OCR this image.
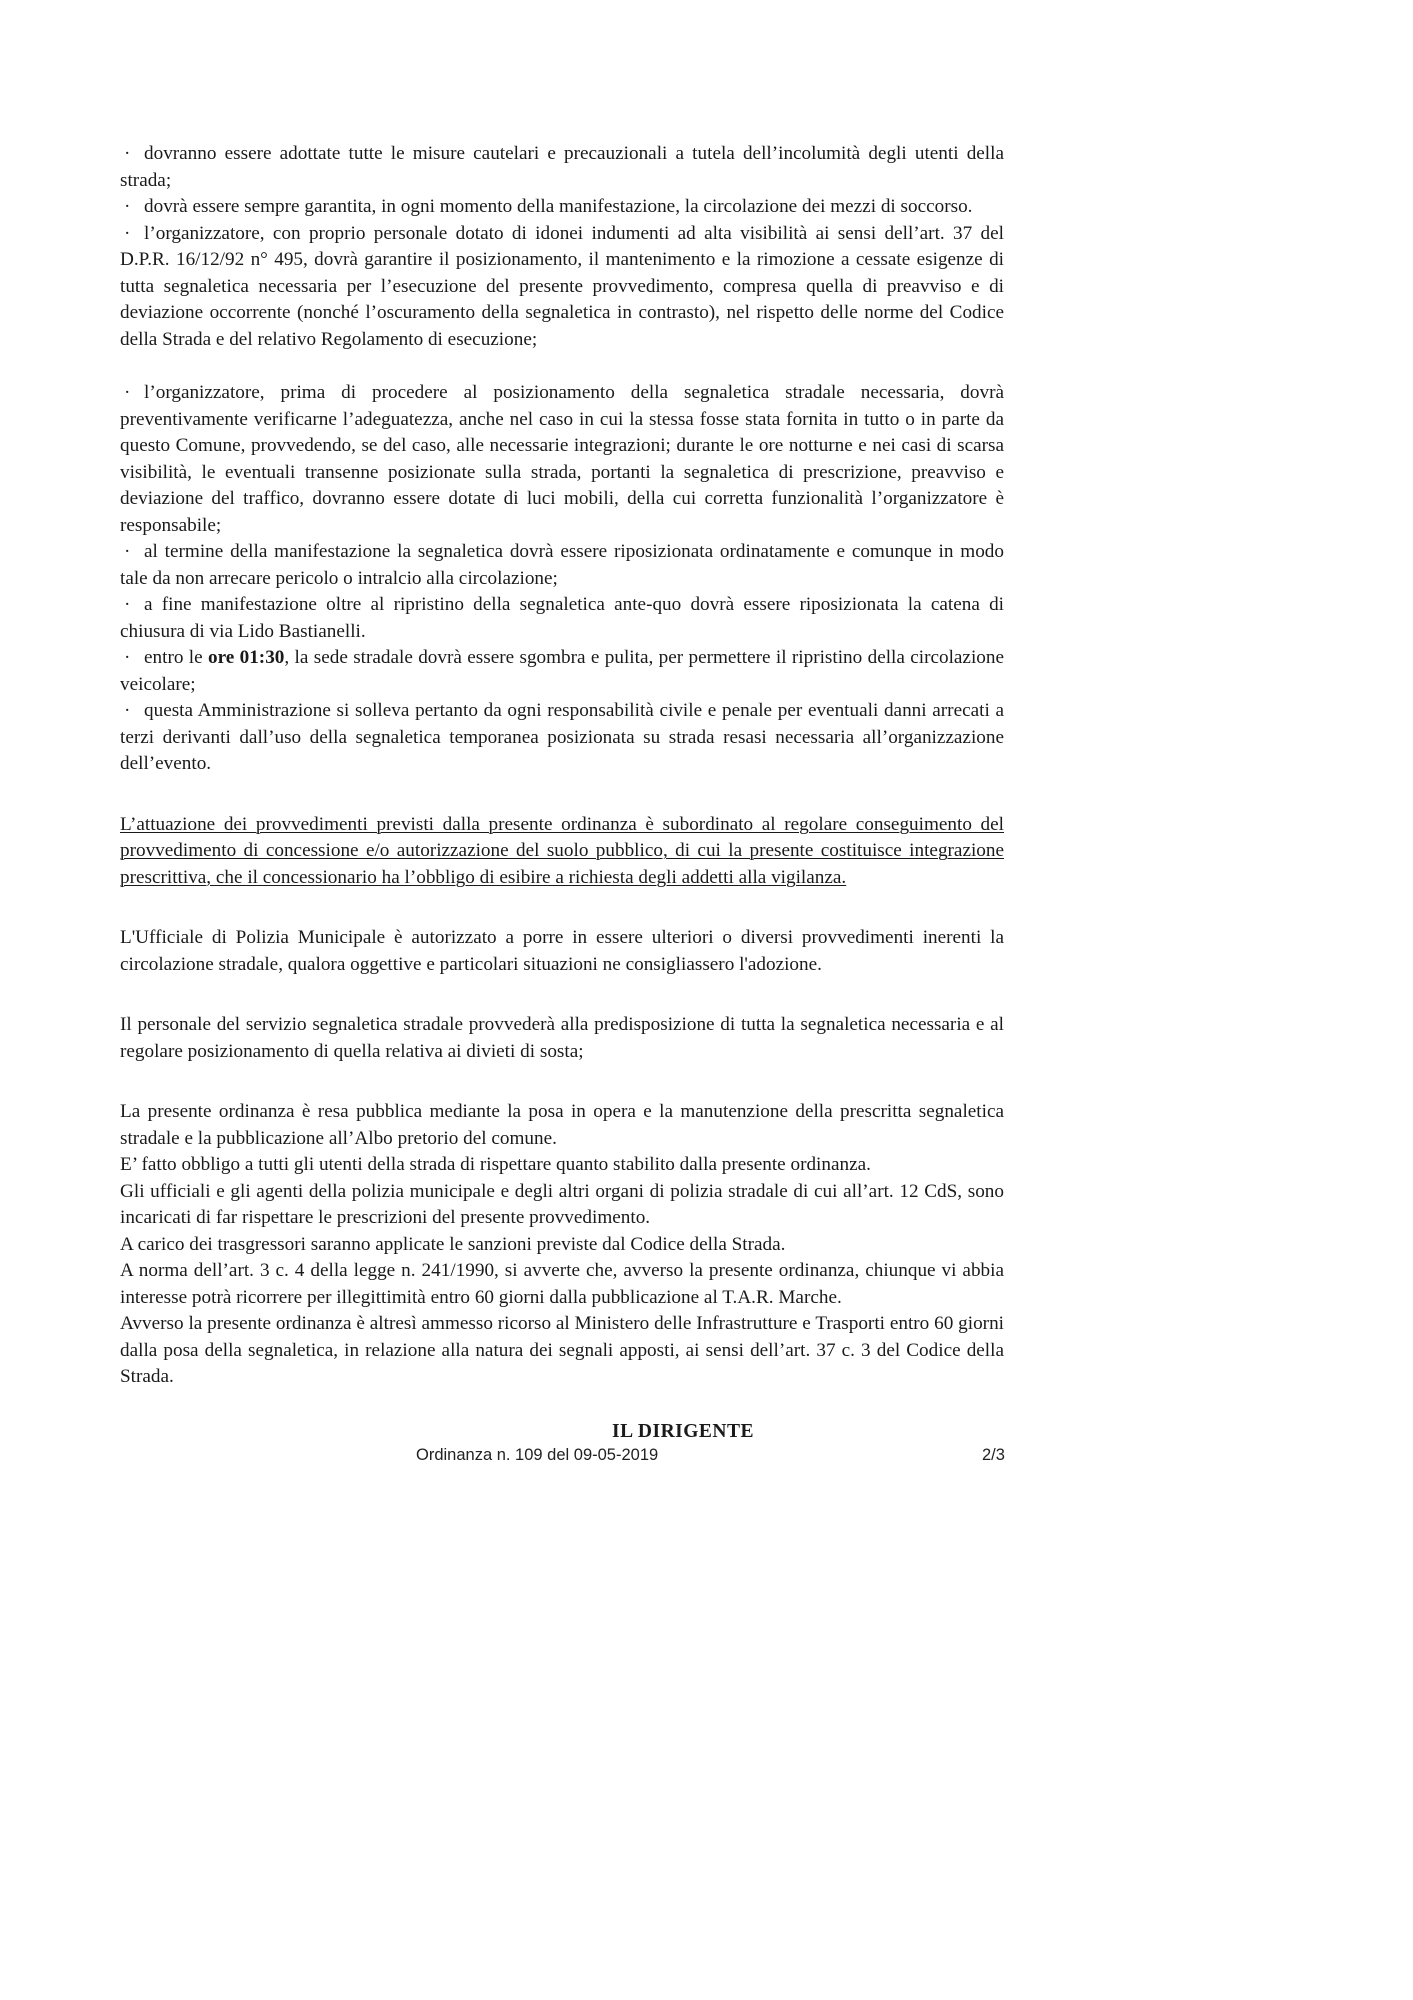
· dovranno essere adottate tutte le misure cautelari e precauzionali a tutela dell’incolumità degli utenti della strada;

· dovrà essere sempre garantita, in ogni momento della manifestazione, la circolazione dei mezzi di soccorso.

· l’organizzatore, con proprio personale dotato di idonei indumenti ad alta visibilità ai sensi dell’art. 37 del D.P.R. 16/12/92 n° 495, dovrà garantire il posizionamento, il mantenimento e la rimozione a cessate esigenze di tutta segnaletica necessaria per l’esecuzione del presente provvedimento, compresa quella di preavviso e di deviazione occorrente (nonché l’oscuramento della segnaletica in contrasto), nel rispetto delle norme del Codice della Strada e del relativo Regolamento di esecuzione;

· l’organizzatore, prima di procedere al posizionamento della segnaletica stradale necessaria, dovrà preventivamente verificarne l’adeguatezza, anche nel caso in cui la stessa fosse stata fornita in tutto o in parte da questo Comune, provvedendo, se del caso, alle necessarie integrazioni; durante le ore notturne e nei casi di scarsa visibilità, le eventuali transenne posizionate sulla strada, portanti la segnaletica di prescrizione, preavviso e deviazione del traffico, dovranno essere dotate di luci mobili, della cui corretta funzionalità l’organizzatore è responsabile;

· al termine della manifestazione la segnaletica dovrà essere riposizionata ordinatamente e comunque in modo tale da non arrecare pericolo o intralcio alla circolazione;

· a fine manifestazione oltre al ripristino della segnaletica ante-quo dovrà essere riposizionata la catena di chiusura di via Lido Bastianelli.

· entro le ore 01:30, la sede stradale dovrà essere sgombra e pulita, per permettere il ripristino della circolazione veicolare;

· questa Amministrazione si solleva pertanto da ogni responsabilità civile e penale per eventuali danni arrecati a terzi derivanti dall’uso della segnaletica temporanea posizionata su strada resasi necessaria all’organizzazione dell’evento.

L’attuazione dei provvedimenti previsti dalla presente ordinanza è subordinato al regolare conseguimento del provvedimento di concessione e/o autorizzazione del suolo pubblico, di cui la presente costituisce integrazione prescrittiva, che il concessionario ha l’obbligo di esibire a richiesta degli addetti alla vigilanza.

L'Ufficiale di Polizia Municipale è autorizzato a porre in essere ulteriori o diversi provvedimenti inerenti la circolazione stradale, qualora oggettive e particolari situazioni ne consigliassero l'adozione.

Il personale del servizio segnaletica stradale provvederà alla predisposizione di tutta la segnaletica necessaria e al regolare posizionamento di quella relativa ai divieti di sosta;

La presente ordinanza è resa pubblica mediante la posa in opera e la manutenzione della prescritta segnaletica stradale e la pubblicazione all’Albo pretorio del comune.

E’ fatto obbligo a tutti gli utenti della strada di rispettare quanto stabilito dalla presente ordinanza.

Gli ufficiali e gli agenti della polizia municipale e degli altri organi di polizia stradale di cui all’art. 12 CdS, sono incaricati di far rispettare le prescrizioni del presente provvedimento.

A carico dei trasgressori saranno applicate le sanzioni previste dal Codice della Strada.

A norma dell’art. 3 c. 4 della legge n. 241/1990, si avverte che, avverso la presente ordinanza, chiunque vi abbia interesse potrà ricorrere per illegittimità entro 60 giorni dalla pubblicazione al T.A.R. Marche.

Avverso la presente ordinanza è altresì ammesso ricorso al Ministero delle Infrastrutture e Trasporti entro 60 giorni dalla posa della segnaletica, in relazione alla natura dei segnali apposti, ai sensi dell’art. 37 c. 3 del Codice della Strada.

IL DIRIGENTE
Ordinanza n. 109 del 09-05-2019	2/3
